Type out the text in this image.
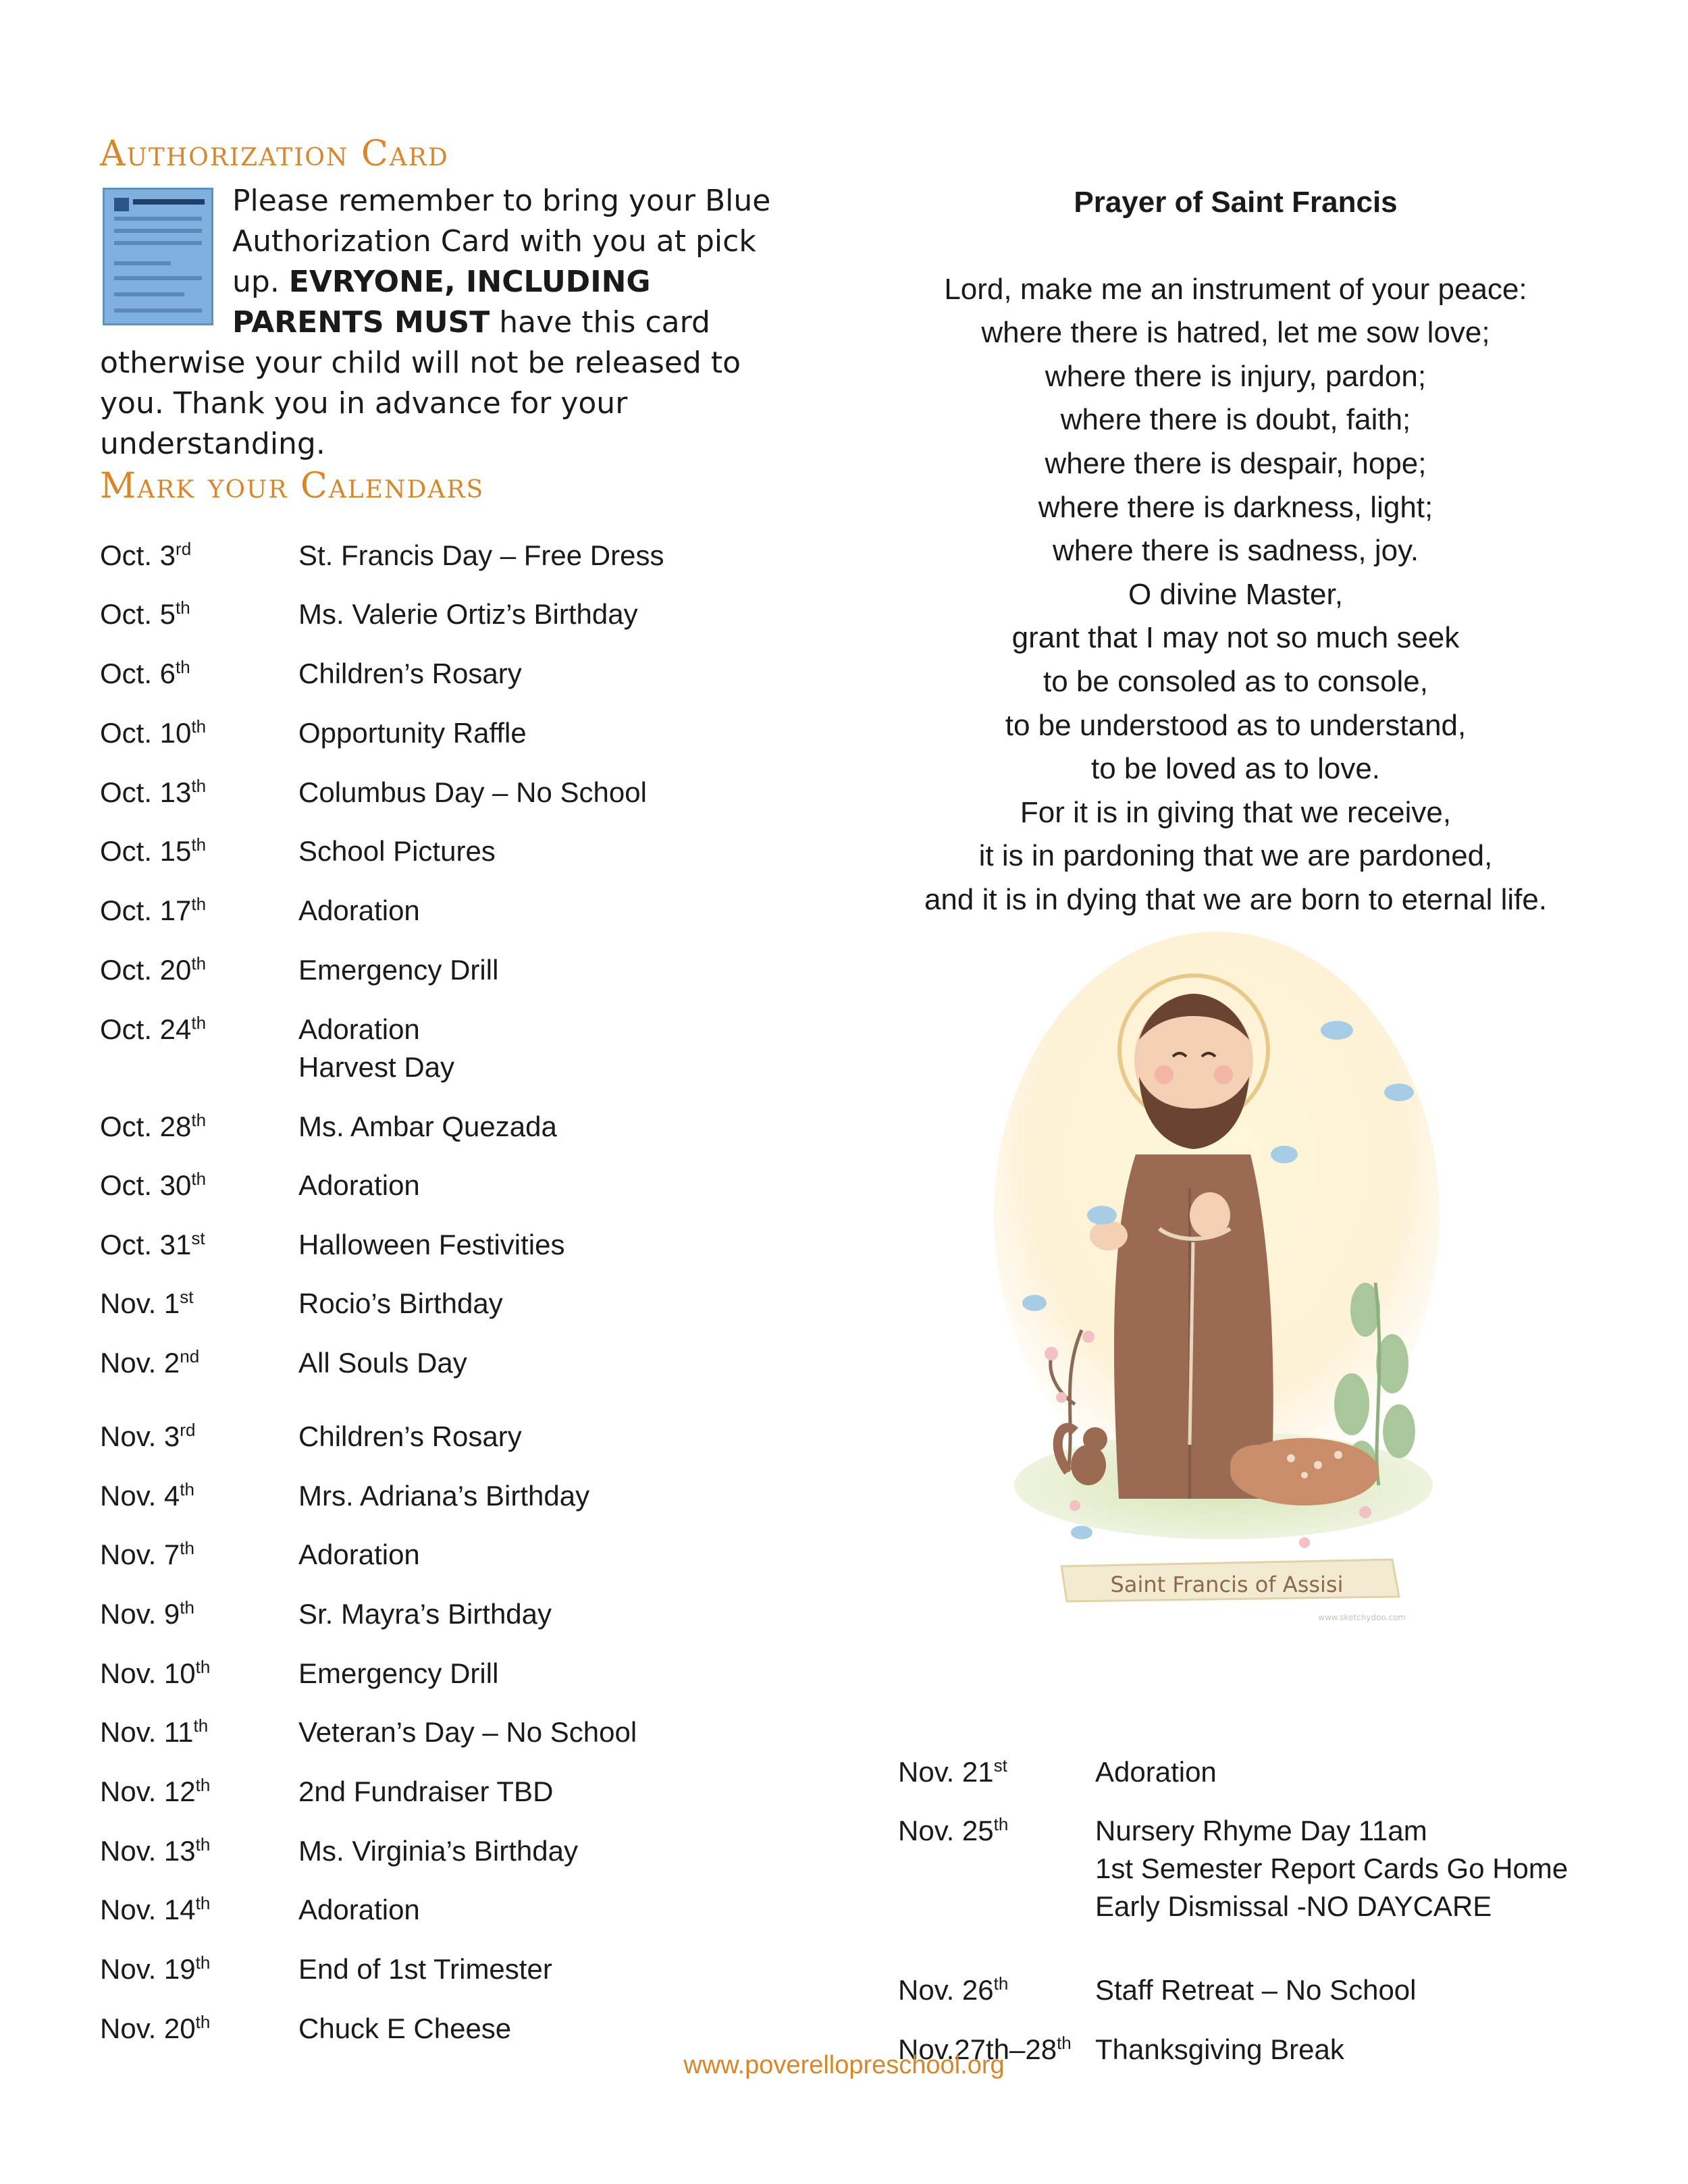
Authorization Card
Please remember to bring your Blue Authorization Card with you at pick up. EVRYONE, INCLUDING PARENTS MUST have this card otherwise your child will not be released to you. Thank you in advance for your understanding.
Mark your Calendars
Oct. 3rd	St. Francis Day – Free Dress
Oct. 5th	Ms. Valerie Ortiz’s Birthday
Oct. 6th	Children’s Rosary
Oct. 10th	Opportunity Raffle
Oct. 13th	Columbus Day – No School
Oct. 15th	School Pictures
Oct. 17th	Adoration
Oct. 20th	Emergency Drill
Oct. 24th	Adoration
Harvest Day
Oct. 28th	Ms. Ambar Quezada
Oct. 30th	Adoration
Oct. 31st	Halloween Festivities
Nov. 1st	Rocio’s Birthday
Nov. 2nd	All Souls Day
Nov. 3rd	Children’s Rosary
Nov. 4th	Mrs. Adriana’s Birthday
Nov. 7th	Adoration
Nov. 9th	Sr. Mayra’s Birthday
Nov. 10th	Emergency Drill
Nov. 11th	Veteran’s Day – No School
Nov. 12th	2nd Fundraiser TBD
Nov. 13th	Ms. Virginia’s Birthday
Nov. 14th	Adoration
Nov. 19th	End of 1st Trimester
Nov. 20th	Chuck E Cheese
Nov. 21st	Adoration
Nov. 25th	Nursery Rhyme Day 11am
1st Semester Report Cards Go Home
Early Dismissal -NO DAYCARE
Nov. 26th	Staff Retreat – No School
Nov.27th–28th Thanksgiving Break
Prayer of Saint Francis
Lord, make me an instrument of your peace:
where there is hatred, let me sow love;
where there is injury, pardon;
where there is doubt, faith;
where there is despair, hope;
where there is darkness, light;
where there is sadness, joy.
O divine Master,
grant that I may not so much seek
to be consoled as to console,
to be understood as to understand,
to be loved as to love.
For it is in giving that we receive,
it is in pardoning that we are pardoned,
and it is in dying that we are born to eternal life.
Saint Francis of Assisi
www.sketchydoo.com
www.poverellopreschool.org
